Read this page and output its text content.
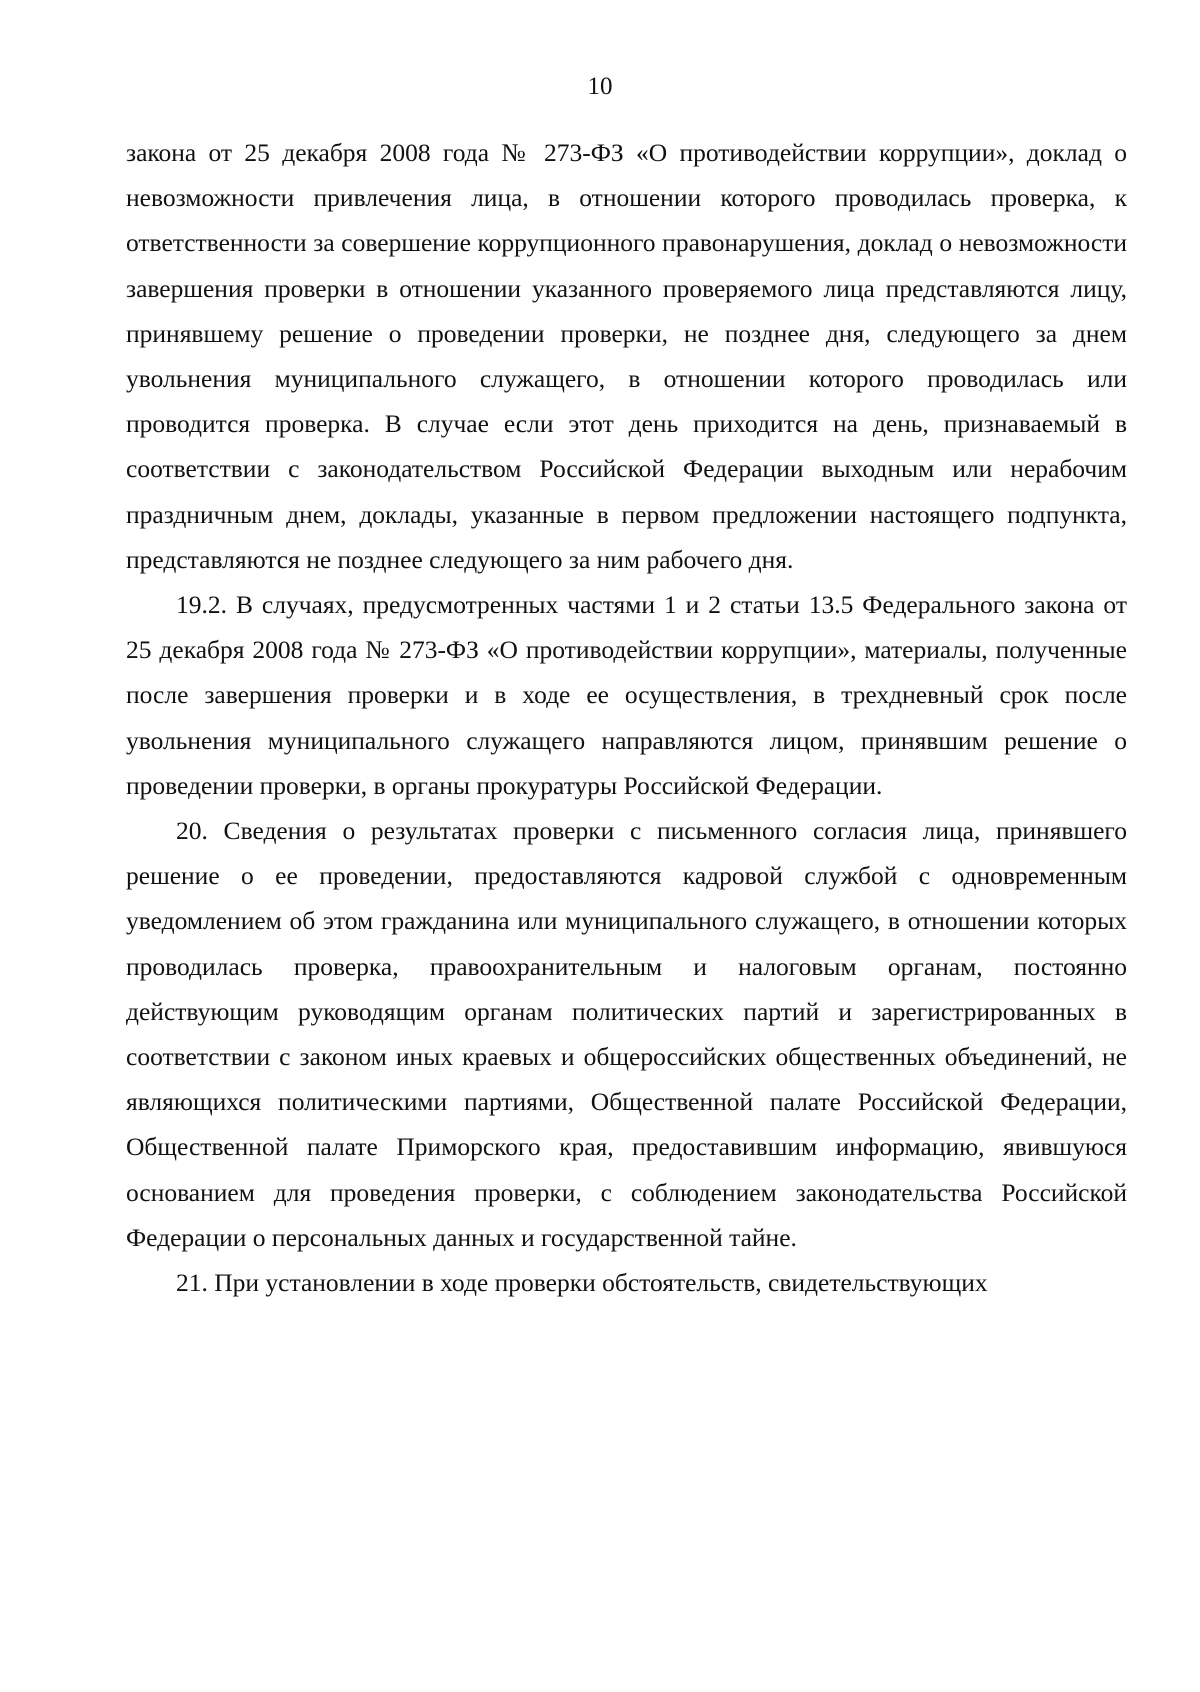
10

закона от 25 декабря 2008 года № 273-ФЗ «О противодействии коррупции», доклад о невозможности привлечения лица, в отношении которого проводилась проверка, к ответственности за совершение коррупционного правонарушения, доклад о невозможности завершения проверки в отношении указанного проверяемого лица представляются лицу, принявшему решение о проведении проверки, не позднее дня, следующего за днем увольнения муниципального служащего, в отношении которого проводилась или проводится проверка. В случае если этот день приходится на день, признаваемый в соответствии с законодательством Российской Федерации выходным или нерабочим праздничным днем, доклады, указанные в первом предложении настоящего подпункта, представляются не позднее следующего за ним рабочего дня.

19.2. В случаях, предусмотренных частями 1 и 2 статьи 13.5 Федерального закона от 25 декабря 2008 года № 273-ФЗ «О противодействии коррупции», материалы, полученные после завершения проверки и в ходе ее осуществления, в трехдневный срок после увольнения муниципального служащего направляются лицом, принявшим решение о проведении проверки, в органы прокуратуры Российской Федерации.

20. Сведения о результатах проверки с письменного согласия лица, принявшего решение о ее проведении, предоставляются кадровой службой с одновременным уведомлением об этом гражданина или муниципального служащего, в отношении которых проводилась проверка, правоохранительным и налоговым органам, постоянно действующим руководящим органам политических партий и зарегистрированных в соответствии с законом иных краевых и общероссийских общественных объединений, не являющихся политическими партиями, Общественной палате Российской Федерации, Общественной палате Приморского края, предоставившим информацию, явившуюся основанием для проведения проверки, с соблюдением законодательства Российской Федерации о персональных данных и государственной тайне.

21. При установлении в ходе проверки обстоятельств, свидетельствующих
